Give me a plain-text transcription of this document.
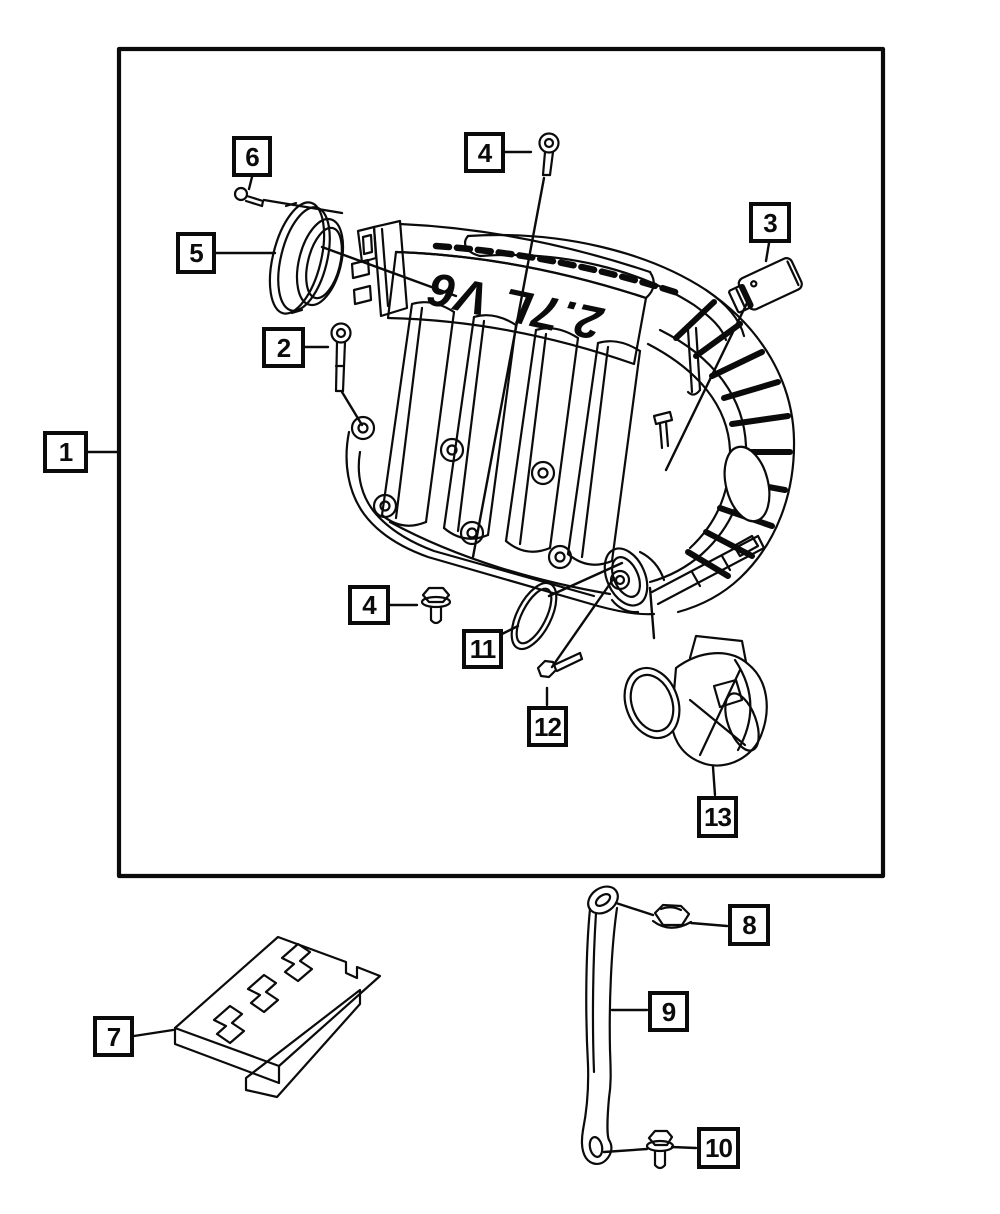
2.7L V6
1
2
3
4
4
5
6
7
8
9
10
11
12
13
